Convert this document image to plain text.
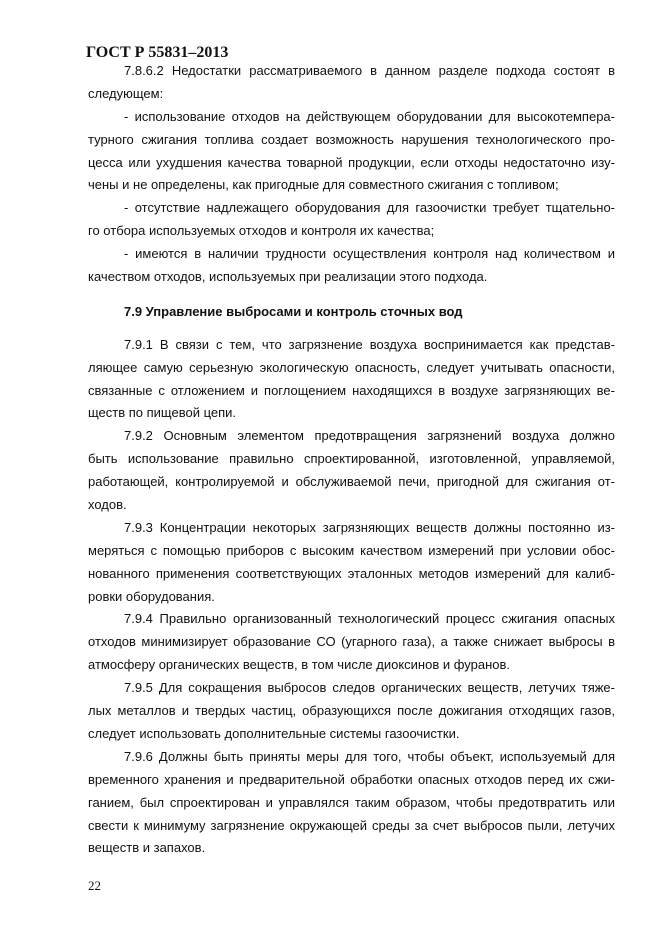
ГОСТ Р 55831–2013
7.8.6.2 Недостатки рассматриваемого в данном разделе подхода состоят в
следующем:
- использование отходов на действующем оборудовании для высокотемпера-
турного сжигания топлива создает возможность нарушения технологического про-
цесса или ухудшения качества товарной продукции, если отходы недостаточно изу-
чены и не определены, как пригодные для совместного сжигания с топливом;
- отсутствие надлежащего оборудования для газоочистки требует тщательно-
го отбора используемых отходов и контроля их качества;
- имеются в наличии трудности осуществления контроля над количеством и
качеством отходов, используемых при реализации этого подхода.
7.9 Управление выбросами и контроль сточных вод
7.9.1 В связи с тем, что загрязнение воздуха воспринимается как представ-
ляющее самую серьезную экологическую опасность, следует учитывать опасности,
связанные с отложением и поглощением находящихся в воздухе загрязняющих ве-
ществ по пищевой цепи.
7.9.2 Основным элементом предотвращения загрязнений воздуха должно
быть использование правильно спроектированной, изготовленной, управляемой,
работающей, контролируемой и обслуживаемой печи, пригодной для сжигания от-
ходов.
7.9.3 Концентрации некоторых загрязняющих веществ должны постоянно из-
меряться с помощью приборов с высоким качеством измерений при условии обос-
нованного применения соответствующих эталонных методов измерений для калиб-
ровки оборудования.
7.9.4 Правильно организованный технологический процесс сжигания опасных
отходов минимизирует образование СО (угарного газа), а также снижает выбросы в
атмосферу органических веществ, в том числе диоксинов и фуранов.
7.9.5 Для сокращения выбросов следов органических веществ, летучих тяже-
лых металлов и твердых частиц, образующихся после дожигания отходящих газов,
следует использовать дополнительные системы газоочистки.
7.9.6 Должны быть приняты меры для того, чтобы объект, используемый для
временного хранения и предварительной обработки опасных отходов перед их сжи-
ганием, был спроектирован и управлялся таким образом, чтобы предотвратить или
свести к минимуму загрязнение окружающей среды за счет выбросов пыли, летучих
веществ и запахов.
22
